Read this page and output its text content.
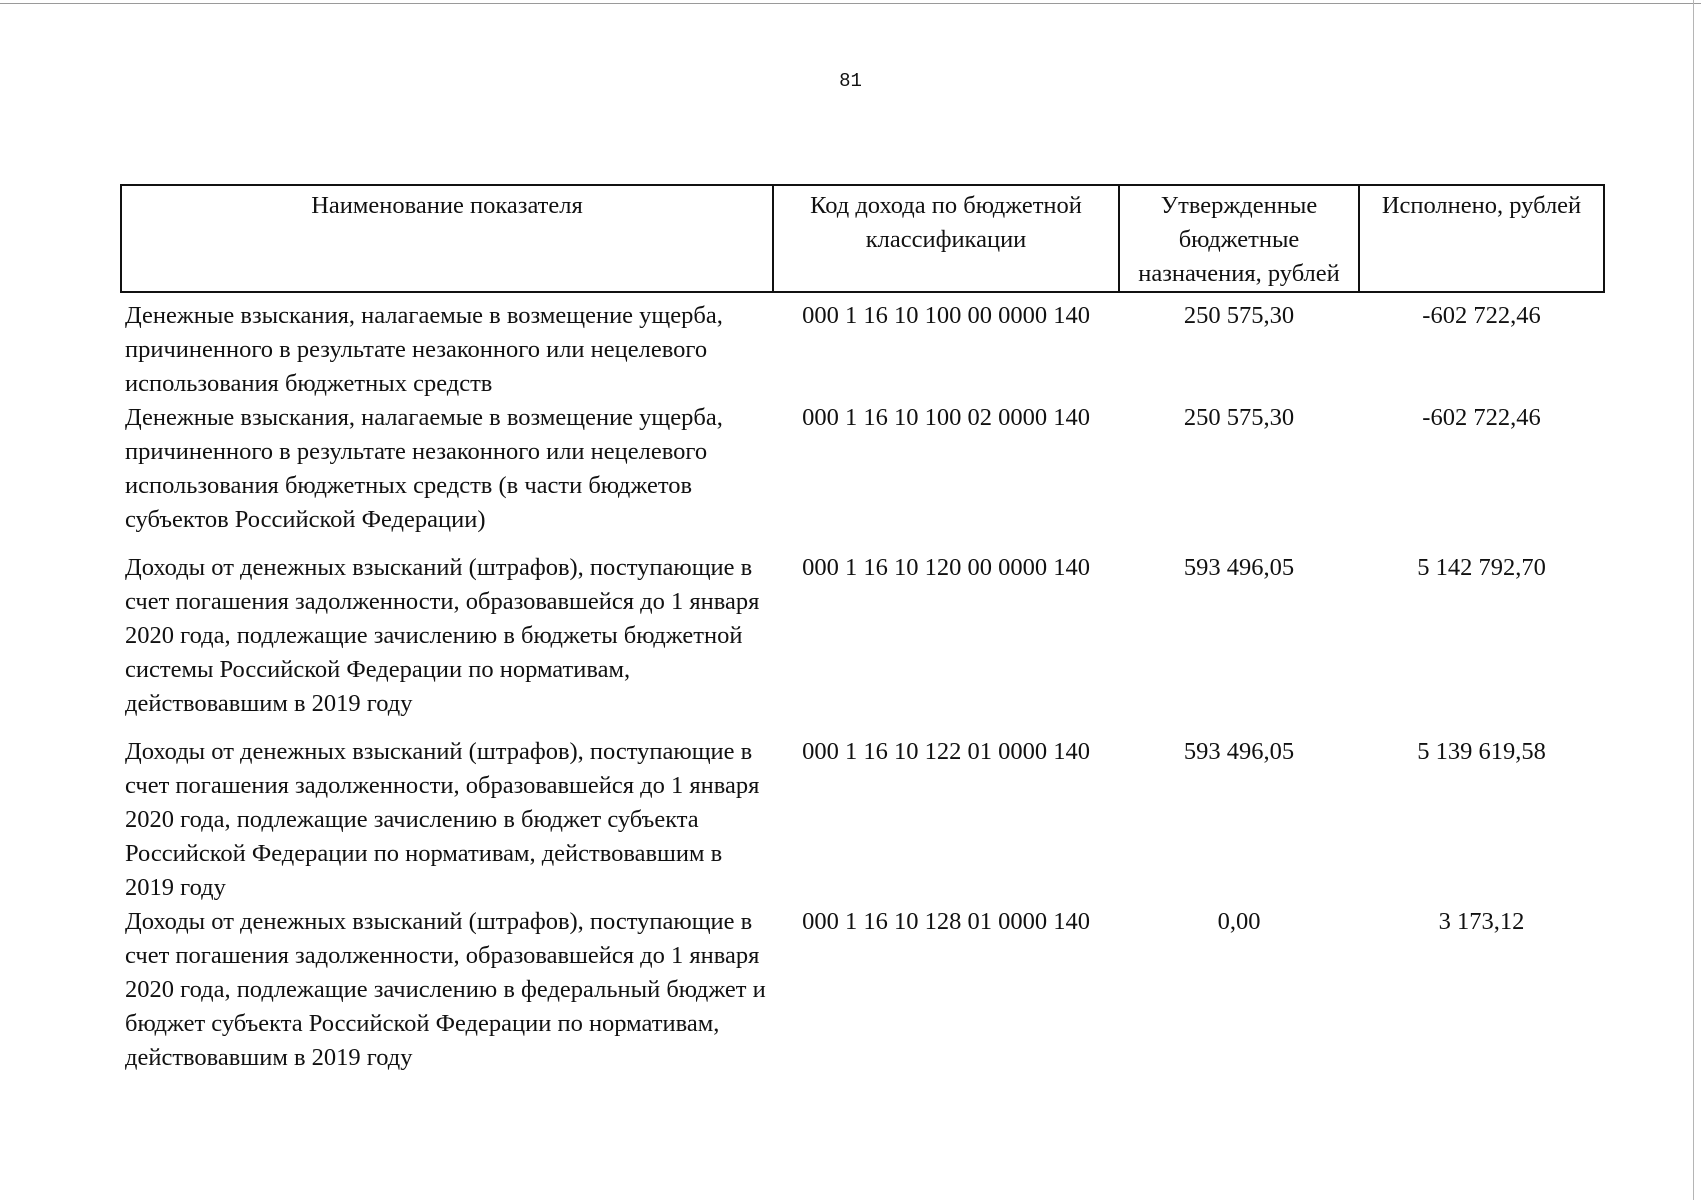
81
Наименование показателя	Код дохода по бюджетной классификации	Утвержденные бюджетные назначения, рублей	Исполнено, рублей
Денежные взыскания, налагаемые в возмещение ущерба, причиненного в результате незаконного или нецелевого использования бюджетных средств	000 1 16 10 100 00 0000 140	250 575,30	-602 722,46
Денежные взыскания, налагаемые в возмещение ущерба, причиненного в результате незаконного или нецелевого использования бюджетных средств (в части бюджетов субъектов Российской Федерации)	000 1 16 10 100 02 0000 140	250 575,30	-602 722,46
Доходы от денежных взысканий (штрафов), поступающие в счет погашения задолженности, образовавшейся до 1 января 2020 года, подлежащие зачислению в бюджеты бюджетной системы Российской Федерации по нормативам, действовавшим в 2019 году	000 1 16 10 120 00 0000 140	593 496,05	5 142 792,70
Доходы от денежных взысканий (штрафов), поступающие в счет погашения задолженности, образовавшейся до 1 января 2020 года, подлежащие зачислению в бюджет субъекта Российской Федерации по нормативам, действовавшим в 2019 году	000 1 16 10 122 01 0000 140	593 496,05	5 139 619,58
Доходы от денежных взысканий (штрафов), поступающие в счет погашения задолженности, образовавшейся до 1 января 2020 года, подлежащие зачислению в федеральный бюджет и бюджет субъекта Российской Федерации по нормативам, действовавшим в 2019 году	000 1 16 10 128 01 0000 140	0,00	3 173,12
